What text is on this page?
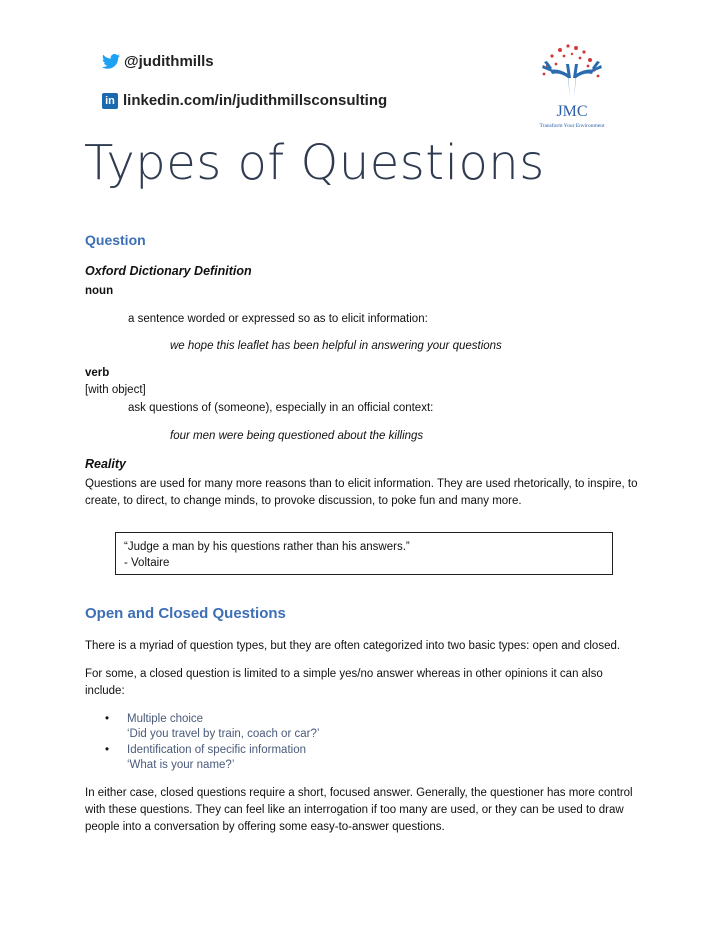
@judithmills
in linkedin.com/in/judithmillsconsulting
JMC
Transform Your Environment
Types of Questions
Question
Oxford Dictionary Definition
noun
a sentence worded or expressed so as to elicit information:
we hope this leaflet has been helpful in answering your questions
verb
[with object]
ask questions of (someone), especially in an official context:
four men were being questioned about the killings
Reality
Questions are used for many more reasons than to elicit information. They are used rhetorically, to inspire, to create, to direct, to change minds, to provoke discussion, to poke fun and many more.
“Judge a man by his questions rather than his answers.”
- Voltaire
Open and Closed Questions
There is a myriad of question types, but they are often categorized into two basic types: open and closed.
For some, a closed question is limited to a simple yes/no answer whereas in other opinions it can also include:
• Multiple choice
‘Did you travel by train, coach or car?’
• Identification of specific information
‘What is your name?’
In either case, closed questions require a short, focused answer. Generally, the questioner has more control with these questions. They can feel like an interrogation if too many are used, or they can be used to draw people into a conversation by offering some easy-to-answer questions.
